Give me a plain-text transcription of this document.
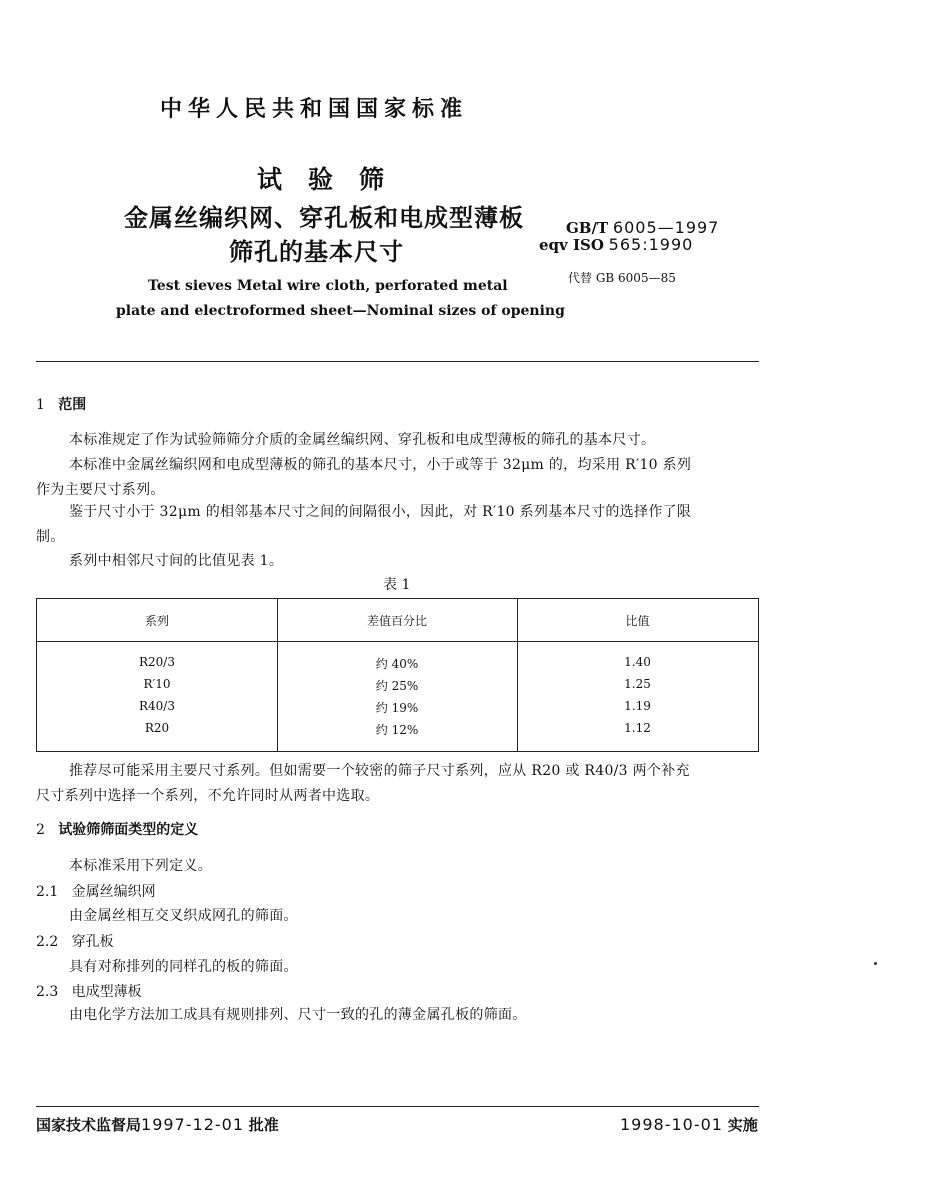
中华人民共和国国家标准
试验筛
金属丝编织网、穿孔板和电成型薄板
筛孔的基本尺寸
GB/T 6005—1997
eqv ISO 565:1990
代替 GB 6005—85
Test sieves Metal wire cloth, perforated metal
plate and electroformed sheet—Nominal sizes of opening
1 范围
本标准规定了作为试验筛筛分介质的金属丝编织网、穿孔板和电成型薄板的筛孔的基本尺寸。
本标准中金属丝编织网和电成型薄板的筛孔的基本尺寸，小于或等于 32μm 的，均采用 R′10 系列
作为主要尺寸系列。
鉴于尺寸小于 32μm 的相邻基本尺寸之间的间隔很小，因此，对 R′10 系列基本尺寸的选择作了限
制。
系列中相邻尺寸间的比值见表 1。
表 1
系列	差值百分比	比值
R20/3	约 40%	1.40
R′10	约 25%	1.25
R40/3	约 19%	1.19
R20	约 12%	1.12
推荐尽可能采用主要尺寸系列。但如需要一个较密的筛子尺寸系列，应从 R20 或 R40/3 两个补充
尺寸系列中选择一个系列，不允许同时从两者中选取。
2 试验筛筛面类型的定义
本标准采用下列定义。
2.1 金属丝编织网
由金属丝相互交叉织成网孔的筛面。
2.2 穿孔板
具有对称排列的同样孔的板的筛面。
2.3 电成型薄板
由电化学方法加工成具有规则排列、尺寸一致的孔的薄金属孔板的筛面。
国家技术监督局1997-12-01 批准	1998-10-01 实施
